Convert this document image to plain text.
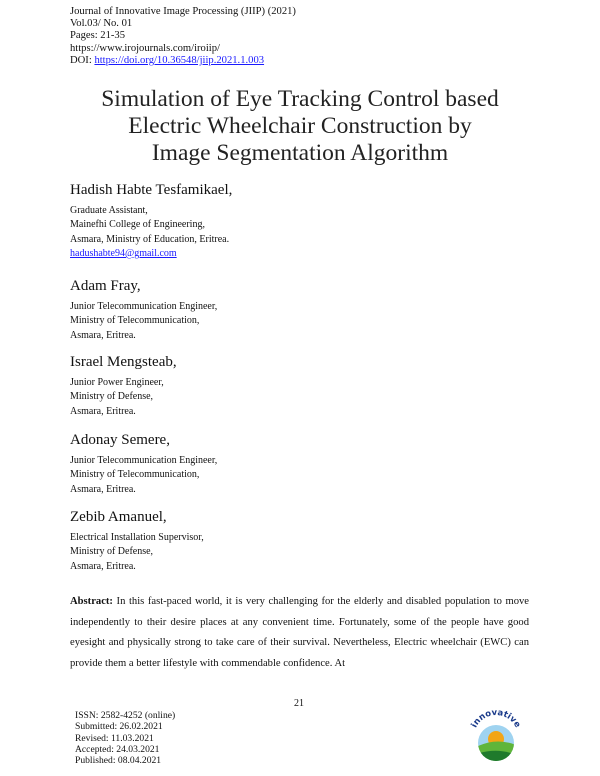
Journal of Innovative Image Processing (JIIP) (2021)
Vol.03/ No. 01
Pages: 21-35
https://www.irojournals.com/iroiip/
DOI: https://doi.org/10.36548/jiip.2021.1.003
Simulation of Eye Tracking Control based
Electric Wheelchair Construction by
Image Segmentation Algorithm
Hadish Habte Tesfamikael,
Graduate Assistant,
Mainefhi College of Engineering,
Asmara, Ministry of Education, Eritrea.
hadushabte94@gmail.com
Adam Fray,
Junior Telecommunication Engineer,
Ministry of Telecommunication,
Asmara, Eritrea.
Israel Mengsteab,
Junior Power Engineer,
Ministry of Defense,
Asmara, Eritrea.
Adonay Semere,
Junior Telecommunication Engineer,
Ministry of Telecommunication,
Asmara, Eritrea.
Zebib Amanuel,
Electrical Installation Supervisor,
Ministry of Defense,
Asmara, Eritrea.
Abstract: In this fast-paced world, it is very challenging for the elderly and disabled population to move independently to their desire places at any convenient time. Fortunately, some of the people have good eyesight and physically strong to take care of their survival. Nevertheless, Electric wheelchair (EWC) can provide them a better lifestyle with commendable confidence. At
21
ISSN: 2582-4252 (online)
Submitted: 26.02.2021
Revised: 11.03.2021
Accepted: 24.03.2021
Published: 08.04.2021
innovative
